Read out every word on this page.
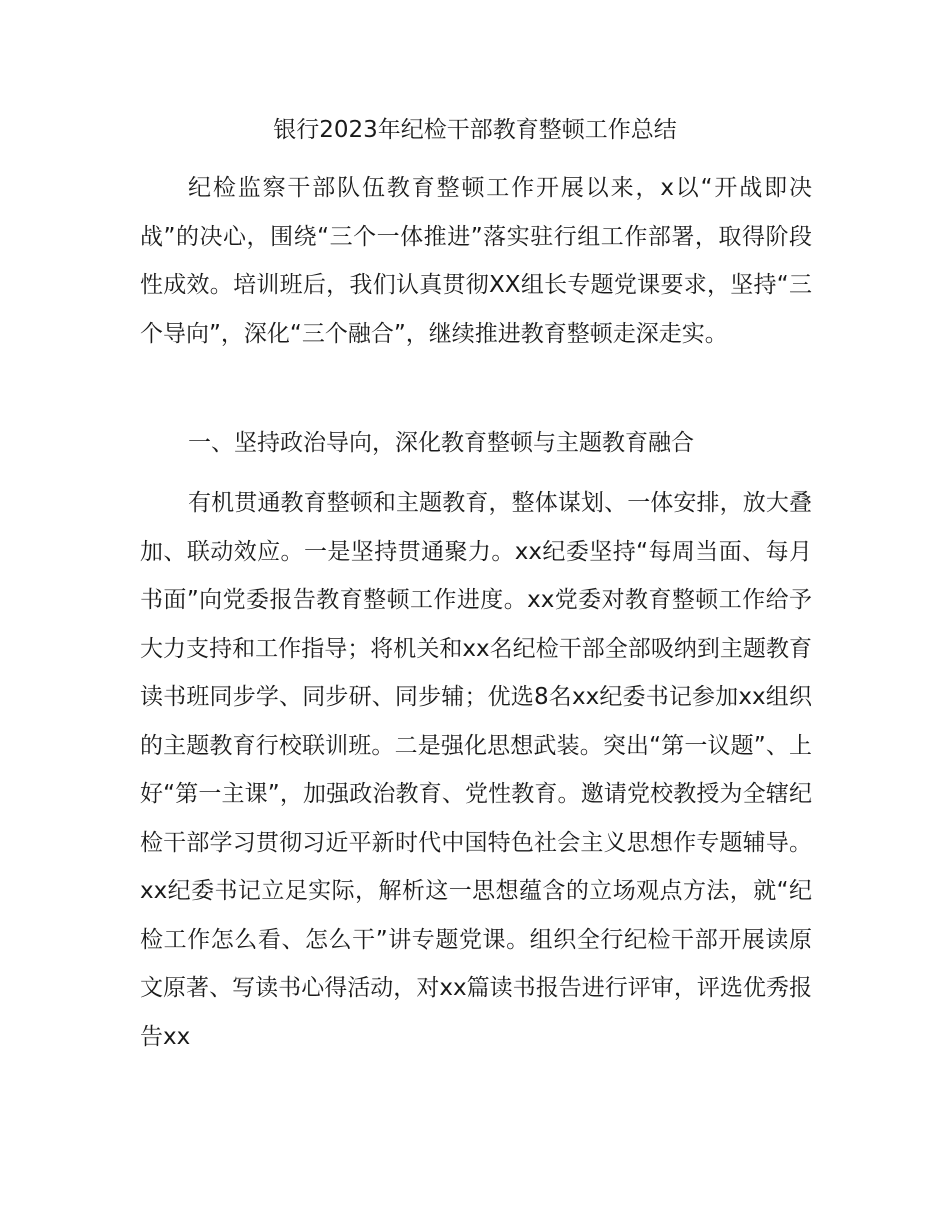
银行2023年纪检干部教育整顿工作总结

纪检监察干部队伍教育整顿工作开展以来，x以“开战即决战”的决心，围绕“三个一体推进”落实驻行组工作部署，取得阶段性成效。培训班后，我们认真贯彻XX组长专题党课要求，坚持“三个导向”，深化“三个融合”，继续推进教育整顿走深走实。

一、坚持政治导向，深化教育整顿与主题教育融合

有机贯通教育整顿和主题教育，整体谋划、一体安排，放大叠加、联动效应。一是坚持贯通聚力。xx纪委坚持“每周当面、每月书面”向党委报告教育整顿工作进度。xx党委对教育整顿工作给予大力支持和工作指导；将机关和xx名纪检干部全部吸纳到主题教育读书班同步学、同步研、同步辅；优选8名xx纪委书记参加xx组织的主题教育行校联训班。二是强化思想武装。突出“第一议题”、上好“第一主课”，加强政治教育、党性教育。邀请党校教授为全辖纪检干部学习贯彻习近平新时代中国特色社会主义思想作专题辅导。xx纪委书记立足实际，解析这一思想蕴含的立场观点方法，就“纪检工作怎么看、怎么干”讲专题党课。组织全行纪检干部开展读原文原著、写读书心得活动，对xx篇读书报告进行评审，评选优秀报告xx
